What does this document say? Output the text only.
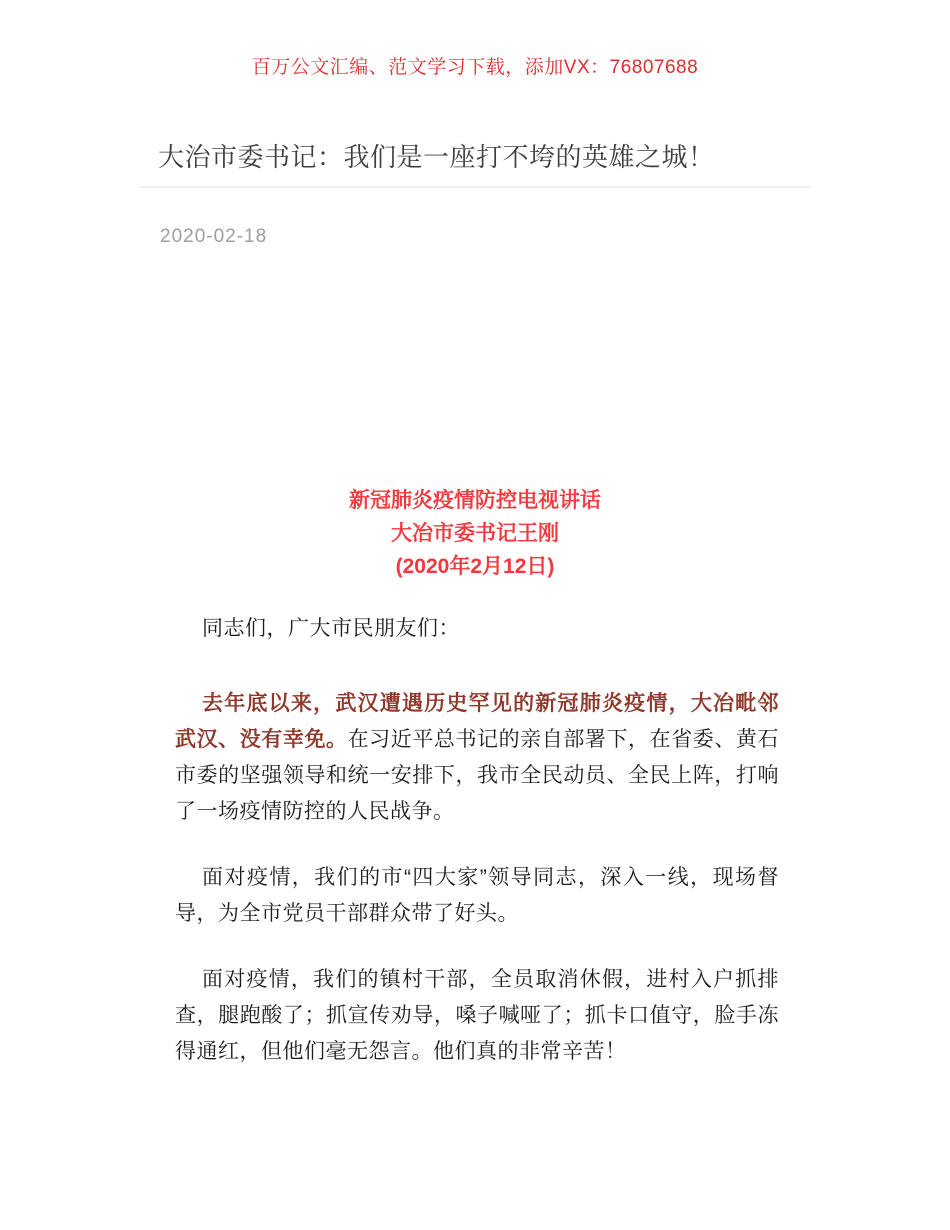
百万公文汇编、范文学习下载，添加VX：76807688
大治市委书记：我们是一座打不垮的英雄之城！
2020-02-18
新冠肺炎疫情防控电视讲话
大冶市委书记王刚
(2020年2月12日)

同志们，广大市民朋友们：

去年底以来，武汉遭遇历史罕见的新冠肺炎疫情，大冶毗邻武汉、没有幸免。在习近平总书记的亲自部署下，在省委、黄石市委的坚强领导和统一安排下，我市全民动员、全民上阵，打响了一场疫情防控的人民战争。

面对疫情，我们的市“四大家”领导同志，深入一线，现场督导，为全市党员干部群众带了好头。

面对疫情，我们的镇村干部，全员取消休假，进村入户抓排查，腿跑酸了；抓宣传劝导，嗓子喊哑了；抓卡口值守，脸手冻得通红，但他们毫无怨言。他们真的非常辛苦！
